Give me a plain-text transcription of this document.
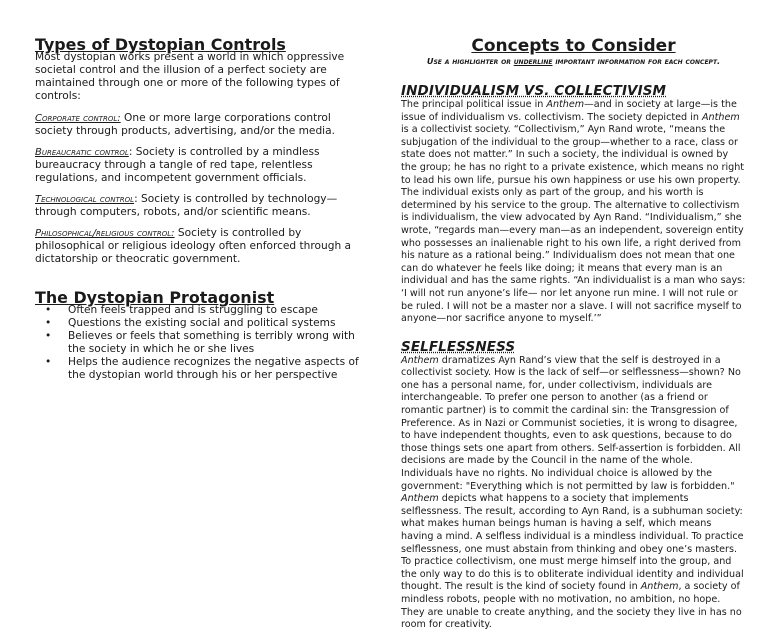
Types of Dystopian Controls

Most dystopian works present a world in which oppressive societal control and the illusion of a perfect society are maintained through one or more of the following types of controls:

Corporate control: One or more large corporations control society through products, advertising, and/or the media.

Bureaucratic control: Society is controlled by a mindless bureaucracy through a tangle of red tape, relentless regulations, and incompetent government officials.

Technological control: Society is controlled by technology—through computers, robots, and/or scientific means.

Philosophical/religious control: Society is controlled by philosophical or religious ideology often enforced through a dictatorship or theocratic government.

The Dystopian Protagonist
• Often feels trapped and is struggling to escape
• Questions the existing social and political systems
• Believes or feels that something is terribly wrong with the society in which he or she lives
• Helps the audience recognizes the negative aspects of the dystopian world through his or her perspective
Concepts to Consider
Use a highlighter or underline important information for each concept.
INDIVIDUALISM VS. COLLECTIVISM

The principal political issue in Anthem—and in society at large—is the issue of individualism vs. collectivism. The society depicted in Anthem is a collectivist society. “Collectivism,” Ayn Rand wrote, “means the subjugation of the individual to the group—whether to a race, class or state does not matter.” In such a society, the individual is owned by the group; he has no right to a private existence, which means no right to lead his own life, pursue his own happiness or use his own property. The individual exists only as part of the group, and his worth is determined by his service to the group. The alternative to collectivism is individualism, the view advocated by Ayn Rand. “Individualism,” she wrote, “regards man—every man—as an independent, sovereign entity who possesses an inalienable right to his own life, a right derived from his nature as a rational being.” Individualism does not mean that one can do whatever he feels like doing; it means that every man is an individual and has the same rights. “An individualist is a man who says: ‘I will not run anyone’s life— nor let anyone run mine. I will not rule or be ruled. I will not be a master nor a slave. I will not sacrifice myself to anyone—nor sacrifice anyone to myself.’”

SELFLESSNESS

Anthem dramatizes Ayn Rand’s view that the self is destroyed in a collectivist society. How is the lack of self—or selflessness—shown? No one has a personal name, for, under collectivism, individuals are interchangeable. To prefer one person to another (as a friend or romantic partner) is to commit the cardinal sin: the Transgression of Preference. As in Nazi or Communist societies, it is wrong to disagree, to have independent thoughts, even to ask questions, because to do those things sets one apart from others. Self-assertion is forbidden. All decisions are made by the Council in the name of the whole. Individuals have no rights. No individual choice is allowed by the government: "Everything which is not permitted by law is forbidden." Anthem depicts what happens to a society that implements selflessness. The result, according to Ayn Rand, is a subhuman society: what makes human beings human is having a self, which means having a mind. A selfless individual is a mindless individual. To practice selflessness, one must abstain from thinking and obey one’s masters. To practice collectivism, one must merge himself into the group, and the only way to do this is to obliterate individual identity and individual thought. The result is the kind of society found in Anthem, a society of mindless robots, people with no motivation, no ambition, no hope. They are unable to create anything, and the society they live in has no room for creativity.
